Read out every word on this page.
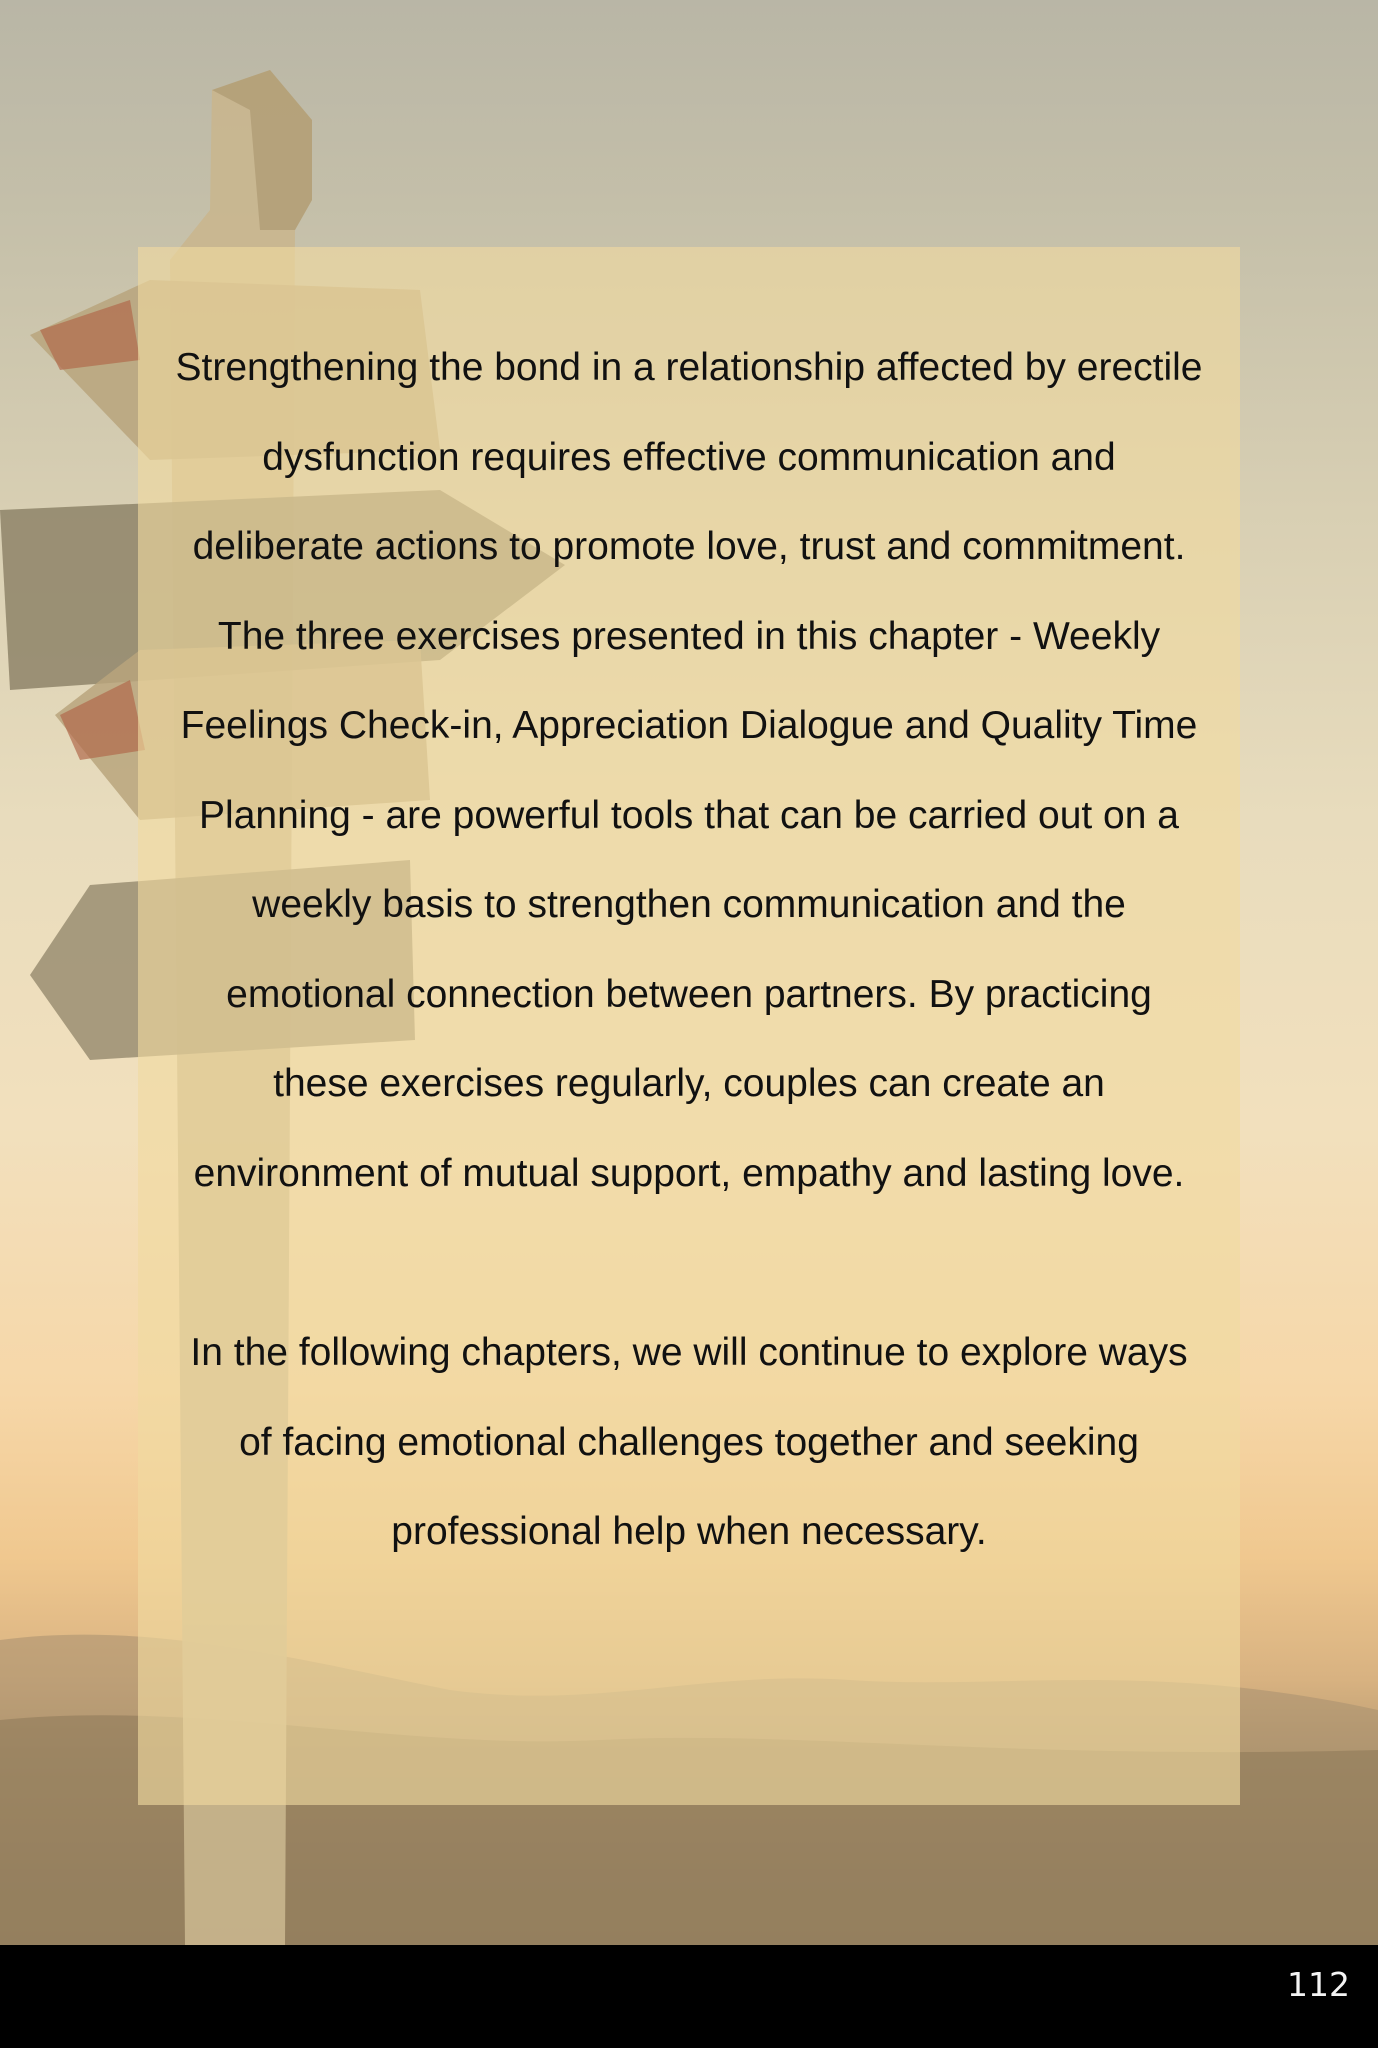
Strengthening the bond in a relationship affected by erectile dysfunction requires effective communication and deliberate actions to promote love, trust and commitment. The three exercises presented in this chapter - Weekly Feelings Check-in, Appreciation Dialogue and Quality Time Planning - are powerful tools that can be carried out on a weekly basis to strengthen communication and the emotional connection between partners. By practicing these exercises regularly, couples can create an environment of mutual support, empathy and lasting love.

In the following chapters, we will continue to explore ways of facing emotional challenges together and seeking professional help when necessary.

112
